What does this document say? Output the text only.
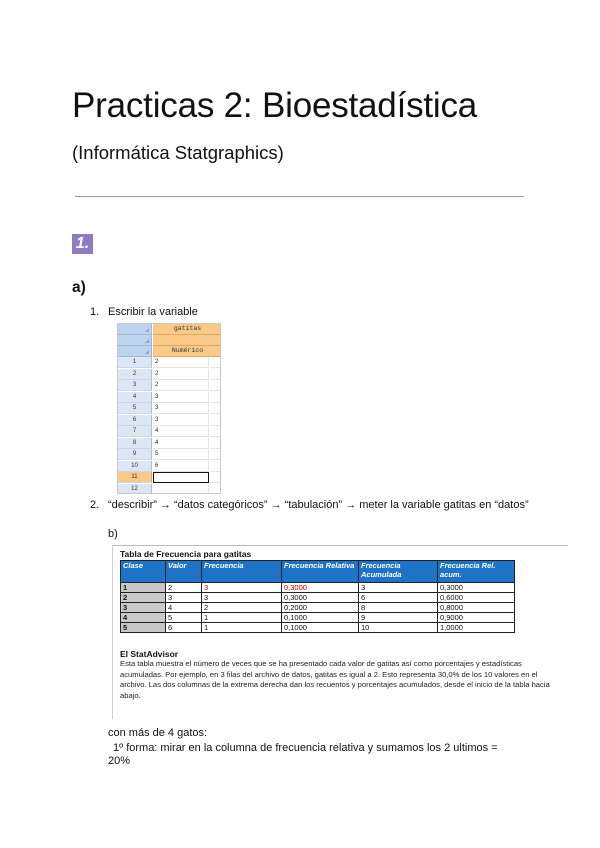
Practicas 2: Bioestadística
(Informática Statgraphics)
1.
a)
1. Escribir la variable
gatitas
Numérico
1	2
2	2
3	2
4	3
5	3
6	3
7	4
8	4
9	5
10	6
11
12
2. “describir” → “datos categóricos” → “tabulación” → meter la variable gatitas en “datos”
b)
Tabla de Frecuencia para gatitas
Clase	Valor	Frecuencia	Frecuencia Relativa	Frecuencia Acumulada	Frecuencia Rel. acum.
1	2	3	0,3000	3	0,3000
2	3	3	0,3000	6	0,6000
3	4	2	0,2000	8	0,8000
4	5	1	0,1000	9	0,9000
5	6	1	0,1000	10	1,0000
El StatAdvisor
Esta tabla muestra el número de veces que se ha presentado cada valor de gatitas así como porcentajes y estadísticas acumuladas. Por ejemplo, en 3 filas del archivo de datos, gatitas es igual a 2. Esto representa 30,0% de los 10 valores en el archivo. Las dos columnas de la extrema derecha dan los recuentos y porcentajes acumulados, desde el inicio de la tabla hacia abajo.
con más de 4 gatos:
1º forma: mirar en la columna de frecuencia relativa y sumamos los 2 ultimos =
20%
